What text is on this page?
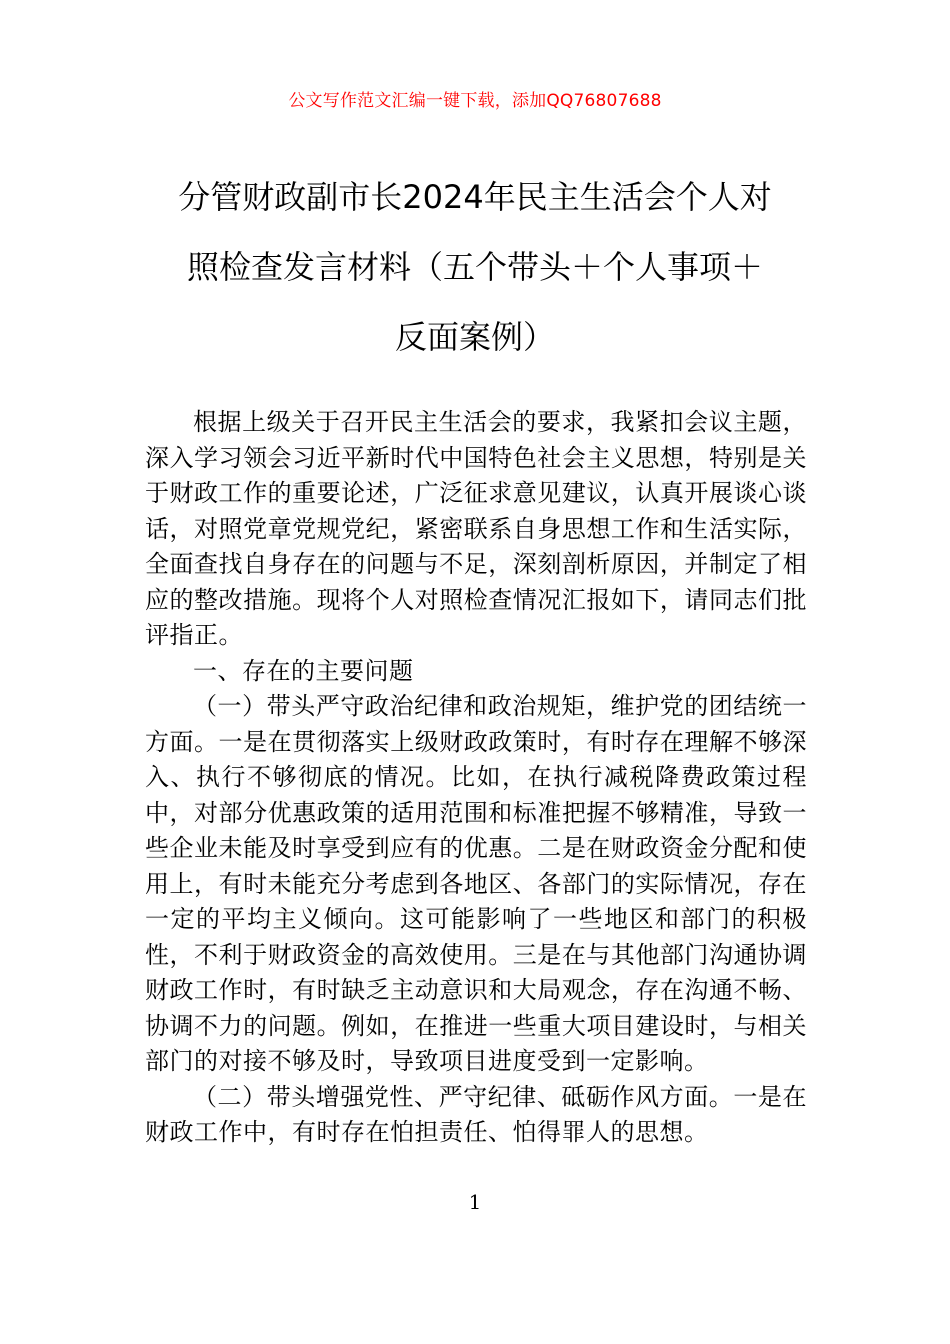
公文写作范文汇编一键下载，添加QQ76807688
分管财政副市长2024年民主生活会个人对
照检查发言材料（五个带头＋个人事项＋
反面案例）

根据上级关于召开民主生活会的要求，我紧扣会议主题，深入学习领会习近平新时代中国特色社会主义思想，特别是关于财政工作的重要论述，广泛征求意见建议，认真开展谈心谈话，对照党章党规党纪，紧密联系自身思想工作和生活实际，全面查找自身存在的问题与不足，深刻剖析原因，并制定了相应的整改措施。现将个人对照检查情况汇报如下，请同志们批评指正。

一、存在的主要问题

（一）带头严守政治纪律和政治规矩，维护党的团结统一方面。一是在贯彻落实上级财政政策时，有时存在理解不够深入、执行不够彻底的情况。比如，在执行减税降费政策过程中，对部分优惠政策的适用范围和标准把握不够精准，导致一些企业未能及时享受到应有的优惠。二是在财政资金分配和使用上，有时未能充分考虑到各地区、各部门的实际情况，存在一定的平均主义倾向。这可能影响了一些地区和部门的积极性，不利于财政资金的高效使用。三是在与其他部门沟通协调财政工作时，有时缺乏主动意识和大局观念，存在沟通不畅、协调不力的问题。例如，在推进一些重大项目建设时，与相关部门的对接不够及时，导致项目进度受到一定影响。

（二）带头增强党性、严守纪律、砥砺作风方面。一是在财政工作中，有时存在怕担责任、怕得罪人的思想。

1
